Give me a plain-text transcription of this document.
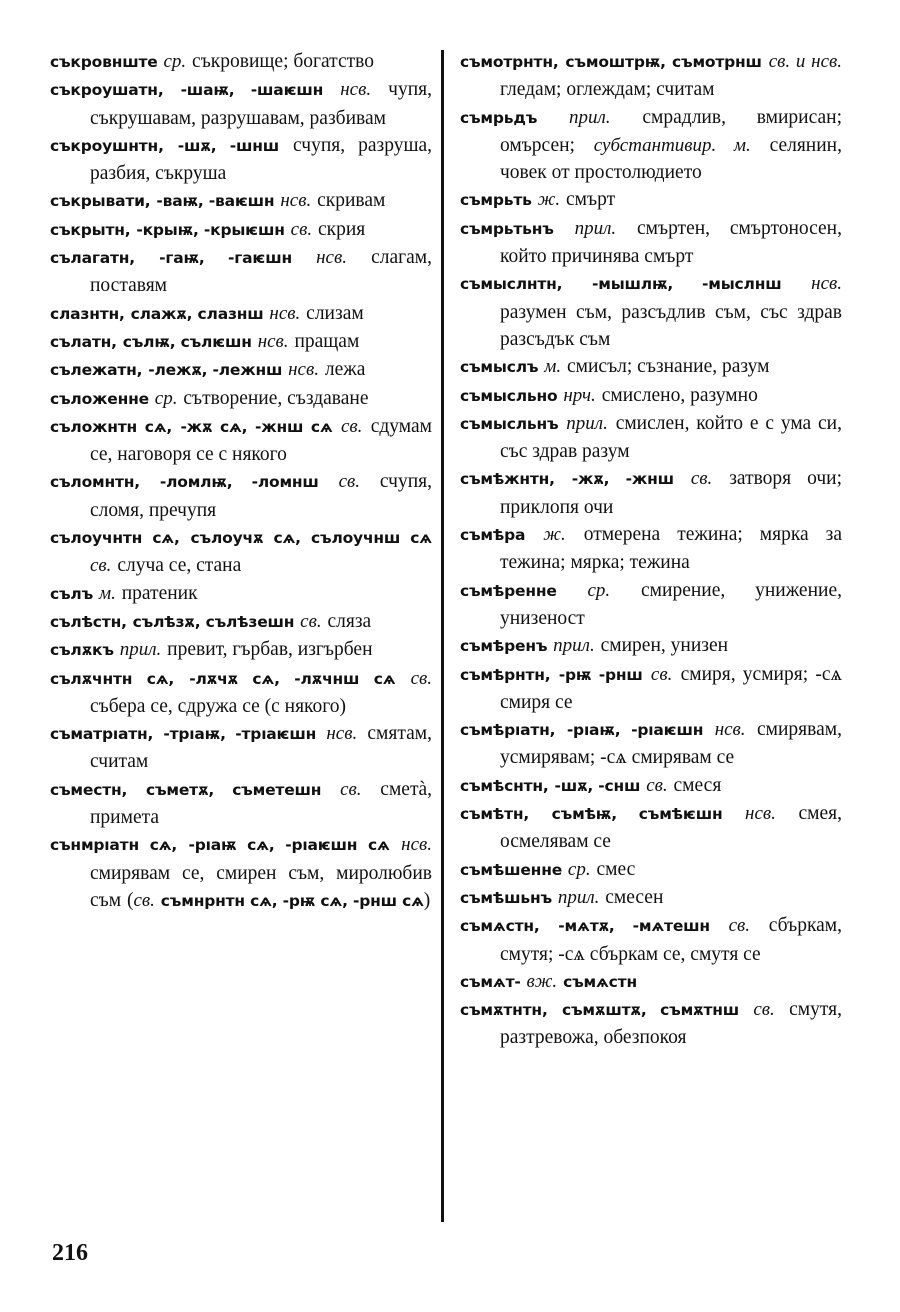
съкровнште ср. съкровище; богатство
съкроушатн, -шаѭ, -шаѥшн нсв. чупя, съкрушавам, разрушавам, разбивам
съкроушнтн, -шѫ, -шнш счупя, разруша, разбия, съкруша
съкрывати, -ваѭ, -ваѥшн нсв. скривам
съкрытн, -крыѭ, -крыѥшн св. скрия
сълагатн, -гаѭ, -гаѥшн нсв. слагам, поставям
слазнтн, слажѫ, слазнш нсв. слизам
сълатн, сълѭ, сълѥшн нсв. пращам
сълежатн, -лежѫ, -лежнш нсв. лежа
съложенне ср. сътворение, създаване
съложнтн сѧ, -жѫ сѧ, -жнш сѧ св. сдумам се, наговоря се с някого
съломнтн, -ломлѭ, -ломнш св. счупя, сломя, пречупя
сълоучнтн сѧ, сълоучѫ сѧ, сълоучнш сѧ св. случа се, стана
сълъ м. пратеник
сълѣстн, сълѣзѫ, сълѣзешн св. сляза
сълѫкъ прил. превит, гърбав, изгърбен
сълѫчнтн сѧ, -лѫчѫ сѧ, -лѫчнш сѧ св. събера се, сдружа се (с някого)
съматрıатн, -трıаѭ, -трıаѥшн нсв. смятам, считам
съместн, съметѫ, съметешн св. сметà, примета
сънмрıатн сѧ, -рıаѭ сѧ, -рıаѥшн сѧ нсв. смирявам се, смирен съм, миролюбив съм (св. съмнрнтн сѧ, -рѭ сѧ, -рнш сѧ)
съмотрнтн, съмоштрѭ, съмотрнш св. и нсв. гледам; оглеждам; считам
съмрьдъ прил. смрадлив, вмирисан; омърсен; субстантивир. м. селянин, човек от простолюдието
съмрьть ж. смърт
съмрьтьнъ прил. смъртен, смъртоносен, който причинява смърт
съмыслнтн, -мышлѭ, -мыслнш нсв. разумен съм, разсъдлив съм, със здрав разсъдък съм
съмыслъ м. смисъл; съзнание, разум
съмысльно нрч. смислено, разумно
съмысльнъ прил. смислен, който е с ума си, със здрав разум
съмѣжнтн, -жѫ, -жнш св. затворя очи; приклопя очи
съмѣра ж. отмерена тежина; мярка за тежина; мярка; тежина
съмѣренне ср. смирение, унижение, унизеност
съмѣренъ прил. смирен, унизен
съмѣрнтн, -рѭ -рнш св. смиря, усмиря; -сѧ смиря се
съмѣрıатн, -рıаѭ, -рıаѥшн нсв. смирявам, усмирявам; -сѧ смирявам се
съмѣснтн, -шѫ, -снш св. смеся
съмѣтн, съмѣѭ, съмѣѥшн нсв. смея, осмелявам се
съмѣшенне ср. смес
съмѣшьнъ прил. смесен
съмѧстн, -мѧтѫ, -мѧтешн св. сбъркам, смутя; -сѧ сбъркам се, смутя се
съмѧт- вж. съмѧстн
съмѫтнтн, съмѫштѫ, съмѫтнш св. смутя, разтревожа, обезпокоя
216
